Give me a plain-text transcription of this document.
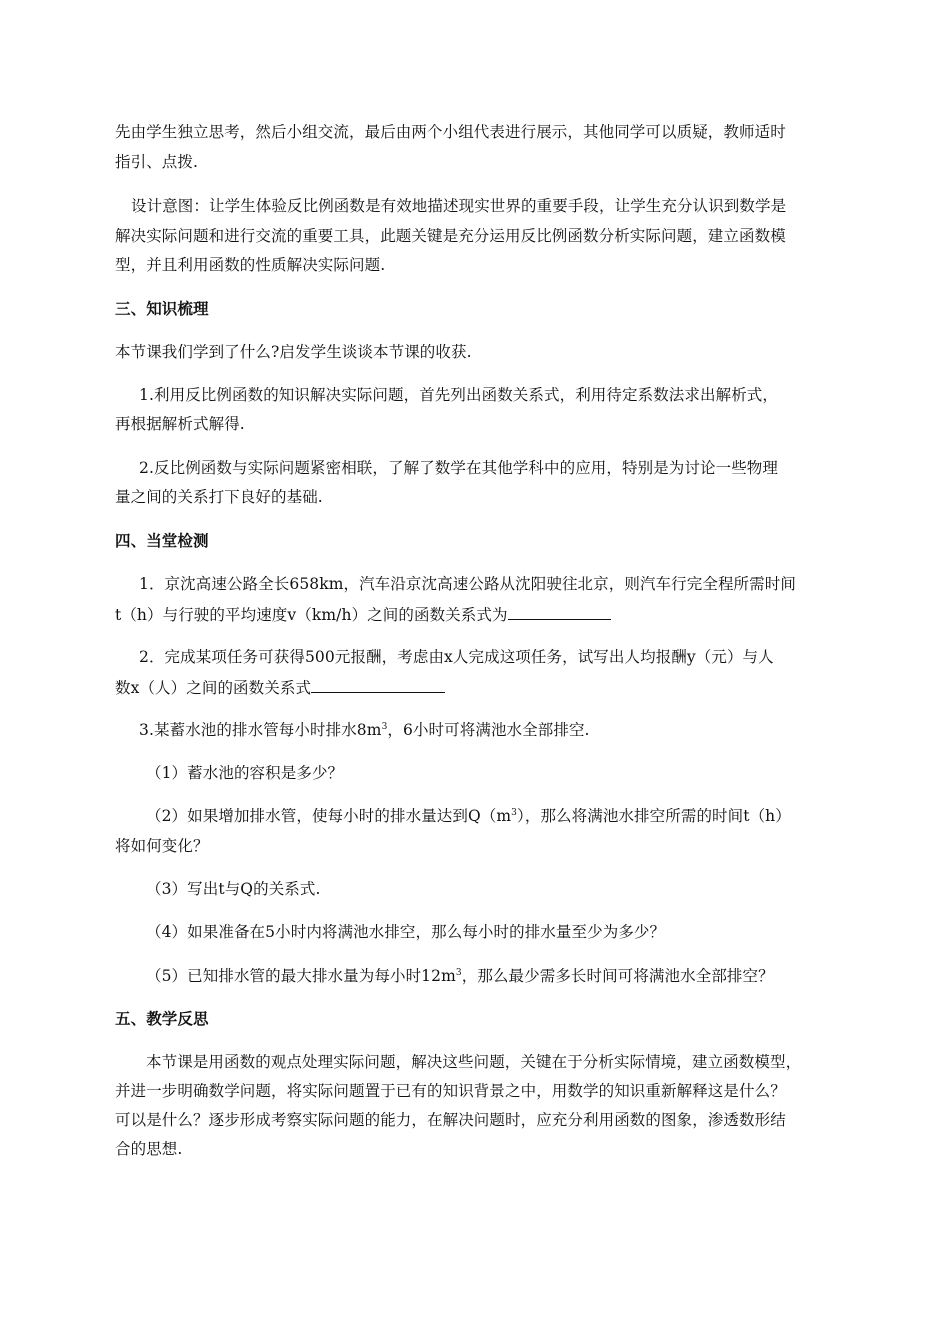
先由学生独立思考，然后小组交流，最后由两个小组代表进行展示，其他同学可以质疑，教师适时
指引、点拨.
设计意图：让学生体验反比例函数是有效地描述现实世界的重要手段，让学生充分认识到数学是
解决实际问题和进行交流的重要工具，此题关键是充分运用反比例函数分析实际问题，建立函数模
型，并且利用函数的性质解决实际问题.
三、知识梳理
本节课我们学到了什么?启发学生谈谈本节课的收获.
1.利用反比例函数的知识解决实际问题，首先列出函数关系式，利用待定系数法求出解析式，
再根据解析式解得.
2.反比例函数与实际问题紧密相联，了解了数学在其他学科中的应用，特别是为讨论一些物理
量之间的关系打下良好的基础.
四、当堂检测
1．京沈高速公路全长658km，汽车沿京沈高速公路从沈阳驶往北京，则汽车行完全程所需时间
t（h）与行驶的平均速度v（km/h）之间的函数关系式为
2．完成某项任务可获得500元报酬，考虑由x人完成这项任务，试写出人均报酬y（元）与人
数x（人）之间的函数关系式
3.某蓄水池的排水管每小时排水$8m^3$，6小时可将满池水全部排空.
（1）蓄水池的容积是多少？
（2）如果增加排水管，使每小时的排水量达到$Q(m^3)$，那么将满池水排空所需的时间t（h）
将如何变化？
（3）写出t与Q的关系式.
（4）如果准备在5小时内将满池水排空，那么每小时的排水量至少为多少？
（5）已知排水管的最大排水量为每小时$12m^3$，那么最少需多长时间可将满池水全部排空？
五、教学反思
本节课是用函数的观点处理实际问题，解决这些问题，关键在于分析实际情境，建立函数模型，
并进一步明确数学问题，将实际问题置于已有的知识背景之中，用数学的知识重新解释这是什么？
可以是什么？逐步形成考察实际问题的能力，在解决问题时，应充分利用函数的图象，渗透数形结
合的思想.
